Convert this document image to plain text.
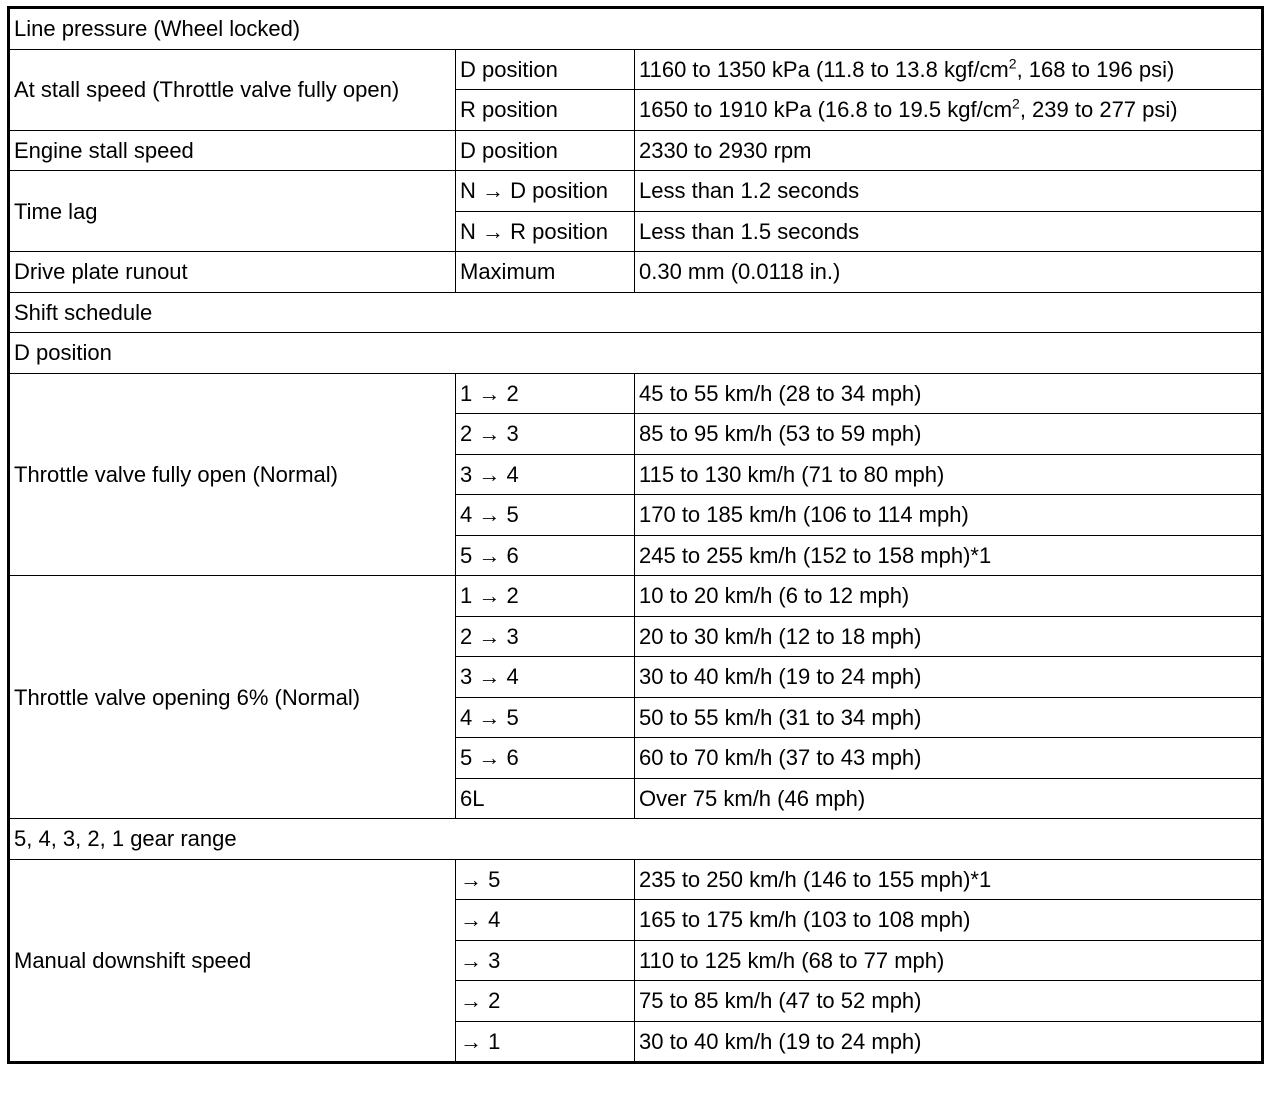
Line pressure (Wheel locked)		
At stall speed (Throttle valve fully open)	D position	1160 to 1350 kPa (11.8 to 13.8 kgf/$cm^2$, 168 to 196 psi)
	R position	1650 to 1910 kPa (16.8 to 19.5 kgf/$cm^2$, 239 to 277 psi)
Engine stall speed	D position	2330 to 2930 rpm
Time lag	N → D position	Less than 1.2 seconds
	N → R position	Less than 1.5 seconds
Drive plate runout	Maximum	0.30 mm (0.0118 in.)
Shift schedule		
D position		
Throttle valve fully open (Normal)	1 → 2	45 to 55 km/h (28 to 34 mph)
	2 → 3	85 to 95 km/h (53 to 59 mph)
	3 → 4	115 to 130 km/h (71 to 80 mph)
	4 → 5	170 to 185 km/h (106 to 114 mph)
	5 → 6	245 to 255 km/h (152 to 158 mph)*1
Throttle valve opening 6% (Normal)	1 → 2	10 to 20 km/h (6 to 12 mph)
	2 → 3	20 to 30 km/h (12 to 18 mph)
	3 → 4	30 to 40 km/h (19 to 24 mph)
	4 → 5	50 to 55 km/h (31 to 34 mph)
	5 → 6	60 to 70 km/h (37 to 43 mph)
	6L	Over 75 km/h (46 mph)
5, 4, 3, 2, 1 gear range		
Manual downshift speed	→ 5	235 to 250 km/h (146 to 155 mph)*1
	→ 4	165 to 175 km/h (103 to 108 mph)
	→ 3	110 to 125 km/h (68 to 77 mph)
	→ 2	75 to 85 km/h (47 to 52 mph)
	→ 1	30 to 40 km/h (19 to 24 mph)
